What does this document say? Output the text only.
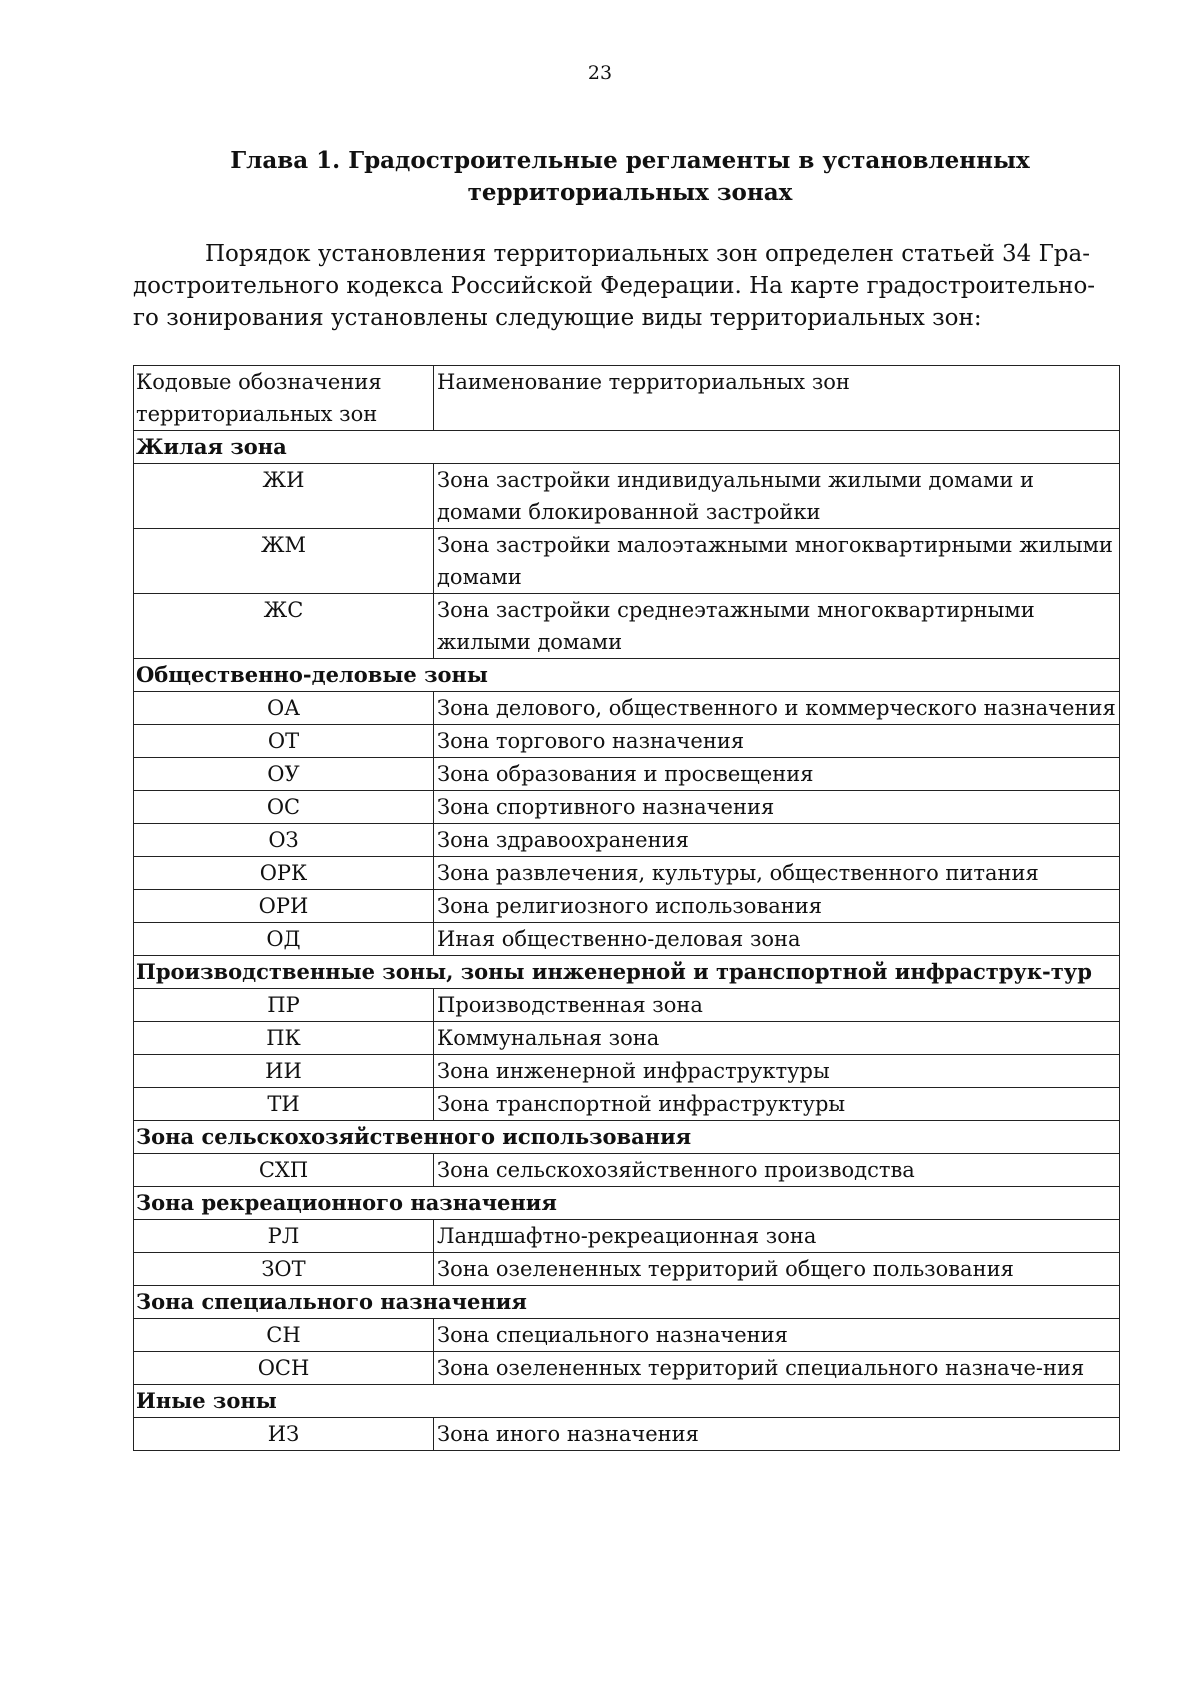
23
Глава 1. Градостроительные регламенты в установленных
территориальных зонах

Порядок установления территориальных зон определен статьей 34 Гра-
достроительного кодекса Российской Федерации. На карте градостроительно-
го зонирования установлены следующие виды территориальных зон:

Кодовые обозначения территориальных зон	Наименование территориальных зон
Жилая зона	
ЖИ	Зона застройки индивидуальными жилыми домами и домами блокированной застройки
ЖМ	Зона застройки малоэтажными многоквартирными жилыми домами
ЖС	Зона застройки среднеэтажными многоквартирными жилыми домами
Общественно-деловые зоны	
ОА	Зона делового, общественного и коммерческого назначения
ОТ	Зона торгового назначения
ОУ	Зона образования и просвещения
ОС	Зона спортивного назначения
ОЗ	Зона здравоохранения
ОРК	Зона развлечения, культуры, общественного питания
ОРИ	Зона религиозного использования
ОД	Иная общественно-деловая зона
Производственные зоны, зоны инженерной и транспортной инфраструк-тур	
ПР	Производственная зона
ПК	Коммунальная зона
ИИ	Зона инженерной инфраструктуры
ТИ	Зона транспортной инфраструктуры
Зона сельскохозяйственного использования	
СХП	Зона сельскохозяйственного производства
Зона рекреационного назначения	
РЛ	Ландшафтно-рекреационная зона
ЗОТ	Зона озелененных территорий общего пользования
Зона специального назначения	
СН	Зона специального назначения
ОСН	Зона озелененных территорий специального назначе-ния
Иные зоны	
ИЗ	Зона иного назначения
